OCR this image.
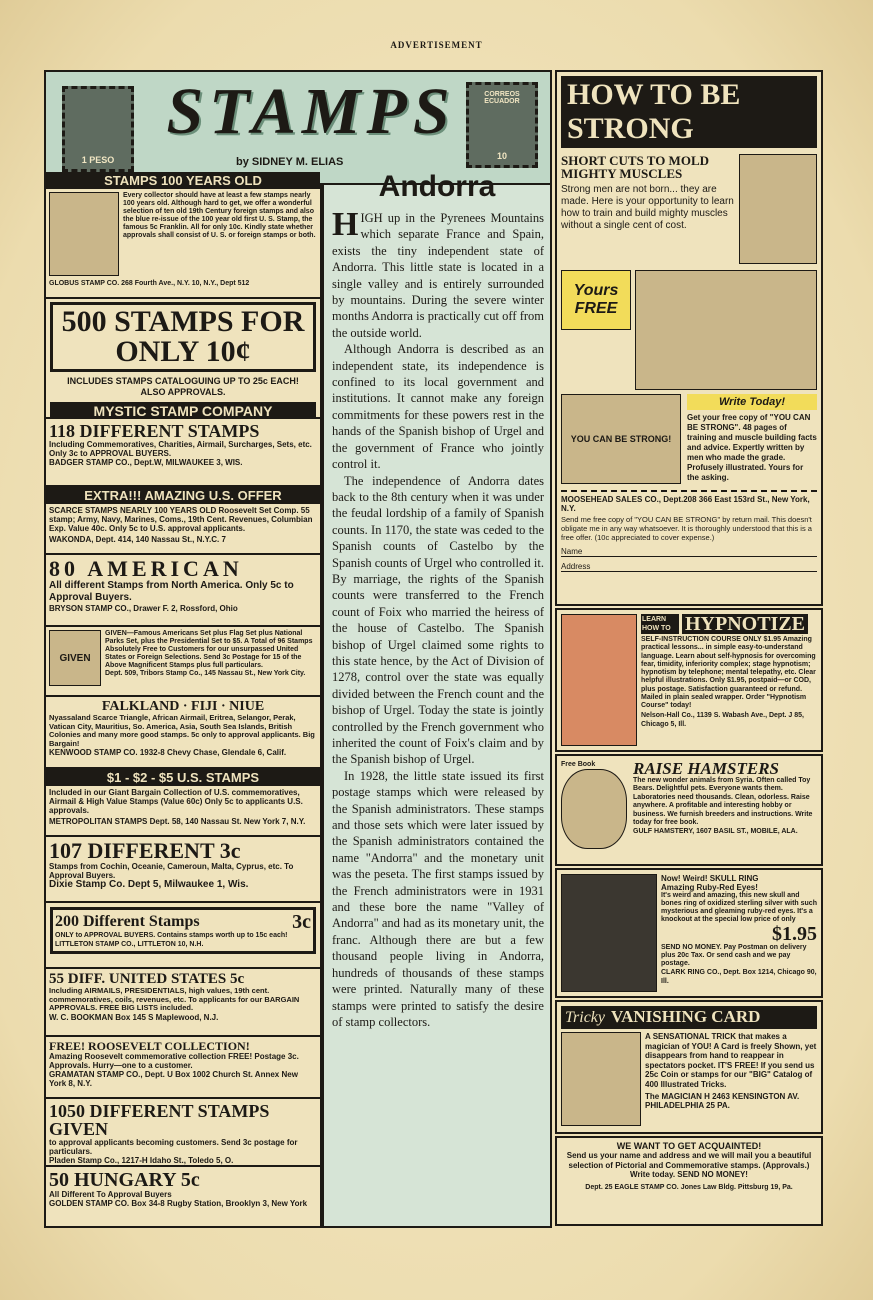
ADVERTISEMENT
STAMPS
by SIDNEY M. ELIAS
1 PESO
CORREOS ECUADOR
10
STAMPS 100 YEARS OLD
Every collector should have at least a few stamps nearly 100 years old. Although hard to get, we offer a wonderful selection of ten old 19th Century foreign stamps and also the blue re-issue of the 100 year old first U. S. Stamp, the famous 5c Franklin. All for only 10c. Kindly state whether approvals shall consist of U. S. or foreign stamps or both.
GLOBUS STAMP CO. 268 Fourth Ave., N.Y. 10, N.Y., Dept 512
500 STAMPS FOR ONLY 10¢
INCLUDES STAMPS CATALOGUING UP TO 25c EACH! ALSO APPROVALS.
MYSTIC STAMP COMPANY
118 DIFFERENT STAMPS
Including Commemoratives, Charities, Airmail, Surcharges, Sets, etc. Only 3c to APPROVAL BUYERS.
BADGER STAMP CO., Dept.W, MILWAUKEE 3, WIS.
EXTRA!!! AMAZING U.S. OFFER
SCARCE STAMPS NEARLY 100 YEARS OLD Roosevelt Set Comp. 55 stamp; Army, Navy, Marines, Coms., 19th Cent. Revenues, Columbian Exp. Value 40c. Only 5c to U.S. approval applicants.
WAKONDA, Dept. 414, 140 Nassau St., N.Y.C. 7
80 AMERICAN
All different Stamps from North America. Only 5c to Approval Buyers.
BRYSON STAMP CO., Drawer F. 2, Rossford, Ohio
GIVEN
GIVEN—Famous Americans Set plus Flag Set plus National Parks Set, plus the Presidential Set to $5. A Total of 96 Stamps Absolutely Free to Customers for our unsurpassed United States or Foreign Selections. Send 3c Postage for 15 of the Above Magnificent Stamps plus full particulars.
Dept. 509, Tribors Stamp Co., 145 Nassau St., New York City.
FALKLAND · FIJI · NIUE
Nyassaland Scarce Triangle, African Airmail, Eritrea, Selangor, Perak, Vatican City, Mauritius, So. America, Asia, South Sea Islands, British Colonies and many more good stamps. 5c only to approval applicants. Big Bargain!
KENWOOD STAMP CO. 1932-8 Chevy Chase, Glendale 6, Calif.
$1 - $2 - $5 U.S. STAMPS
Included in our Giant Bargain Collection of U.S. commemoratives, Airmail & High Value Stamps (Value 60c) Only 5c to applicants U.S. approvals.
METROPOLITAN STAMPS Dept. 58, 140 Nassau St. New York 7, N.Y.
107 DIFFERENT 3c
Stamps from Cochin, Oceanie, Cameroun, Malta, Cyprus, etc. To Approval Buyers.
Dixie Stamp Co. Dept 5, Milwaukee 1, Wis.
200 Different Stamps	3c
ONLY to APPROVAL BUYERS. Contains stamps worth up to 15c each!
LITTLETON STAMP CO., LITTLETON 10, N.H.
55 DIFF. UNITED STATES 5c
Including AIRMAILS, PRESIDENTIALS, high values, 19th cent. commemoratives, coils, revenues, etc. To applicants for our BARGAIN APPROVALS. FREE BIG LISTS included.
W. C. BOOKMAN Box 145 S Maplewood, N.J.
FREE! ROOSEVELT COLLECTION!
Amazing Roosevelt commemorative collection FREE! Postage 3c. Approvals. Hurry—one to a customer.
GRAMATAN STAMP CO., Dept. U Box 1002 Church St. Annex New York 8, N.Y.
1050 DIFFERENT STAMPS GIVEN
to approval applicants becoming customers. Send 3c postage for particulars.
Pladen Stamp Co., 1217-H Idaho St., Toledo 5, O.
50 HUNGARY 5c
All Different To Approval Buyers
GOLDEN STAMP CO. Box 34-8 Rugby Station, Brooklyn 3, New York
Andorra

HIGH up in the Pyrenees Mountains which separate France and Spain, exists the tiny independent state of Andorra. This little state is located in a single valley and is entirely surrounded by mountains. During the severe winter months Andorra is practically cut off from the outside world.

Although Andorra is described as an independent state, its independence is confined to its local government and institutions. It cannot make any foreign commitments for these powers rest in the hands of the Spanish bishop of Urgel and the government of France who jointly control it.

The independence of Andorra dates back to the 8th century when it was under the feudal lordship of a family of Spanish counts. In 1170, the state was ceded to the Spanish counts of Castelbo by the Spanish counts of Urgel who controlled it. By marriage, the rights of the Spanish counts were transferred to the French count of Foix who married the heiress of the house of Castelbo. The Spanish bishop of Urgel claimed some rights to this state hence, by the Act of Division of 1278, control over the state was equally divided between the French count and the bishop of Urgel. Today the state is jointly controlled by the French government who inherited the count of Foix's claim and by the Spanish bishop of Urgel.

In 1928, the little state issued its first postage stamps which were released by the Spanish administrators. These stamps and those sets which were later issued by the Spanish administrators contained the name "Andorra" and the monetary unit was the peseta. The first stamps issued by the French administrators were in 1931 and these bore the name "Valley of Andorra" and had as its monetary unit, the franc. Although there are but a few thousand people living in Andorra, hundreds of thousands of these stamps were printed. Naturally many of these stamps were printed to satisfy the desire of stamp collectors.

HOW TO BE STRONG
SHORT CUTS TO MOLD MIGHTY MUSCLES
Strong men are not born... they are made. Here is your opportunity to learn how to train and build mighty muscles without a single cent of cost.
Yours FREE
YOU CAN BE STRONG!
Write Today!
Get your free copy of "YOU CAN BE STRONG". 48 pages of training and muscle building facts and advice. Expertly written by men who made the grade. Profusely illustrated. Yours for the asking.
MOOSEHEAD SALES CO., Dept.208 366 East 153rd St., New York, N.Y.
Send me free copy of "YOU CAN BE STRONG" by return mail. This doesn't obligate me in any way whatsoever. It is thoroughly understood that this is a free offer. (10c appreciated to cover expense.)
Name
Address
LEARN HOW TO HYPNOTIZE
SELF-INSTRUCTION COURSE ONLY $1.95 Amazing practical lessons... in simple easy-to-understand language. Learn about self-hypnosis for overcoming fear, timidity, inferiority complex; stage hypnotism; hypnotism by telephone; mental telepathy, etc. Clear helpful illustrations. Only $1.95, postpaid—or COD, plus postage. Satisfaction guaranteed or refund. Mailed in plain sealed wrapper. Order "Hypnotism Course" today!
Nelson-Hall Co., 1139 S. Wabash Ave., Dept. J 85, Chicago 5, Ill.
Free Book	RAISE HAMSTERS
The new wonder animals from Syria. Often called Toy Bears. Delightful pets. Everyone wants them. Laboratories need thousands. Clean, odorless. Raise anywhere. A profitable and interesting hobby or business. We furnish breeders and instructions. Write today for free book.
GULF HAMSTERY, 1607 BASIL ST., MOBILE, ALA.
Now! Weird! SKULL RING
Amazing Ruby-Red Eyes!
It's weird and amazing, this new skull and bones ring of oxidized sterling silver with such mysterious and gleaming ruby-red eyes. It's a knockout at the special low price of only
$1.95
SEND NO MONEY. Pay Postman on delivery plus 20c Tax. Or send cash and we pay postage.
CLARK RING CO., Dept. Box 1214, Chicago 90, Ill.
Tricky VANISHING CARD
A SENSATIONAL TRICK that makes a magician of YOU! A Card is freely Shown, yet disappears from hand to reappear in spectators pocket. IT'S FREE! If you send us 25c Coin or stamps for our "BIG" Catalog of 400 Illustrated Tricks.
The MAGICIAN H 2463 KENSINGTON AV. PHILADELPHIA 25 PA.
WE WANT TO GET ACQUAINTED!
Send us your name and address and we will mail you a beautiful selection of Pictorial and Commemorative stamps. (Approvals.) Write today. SEND NO MONEY!
Dept. 25 EAGLE STAMP CO. Jones Law Bldg. Pittsburg 19, Pa.
